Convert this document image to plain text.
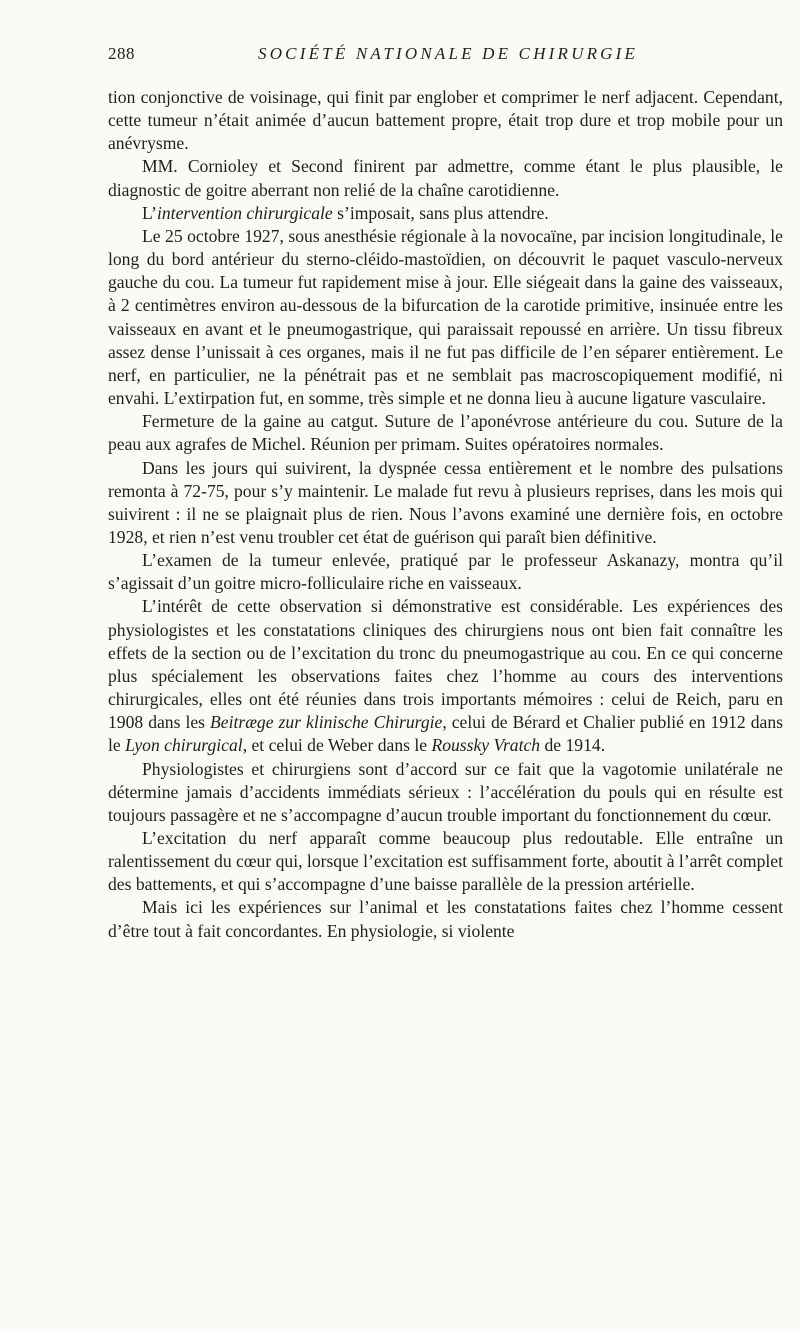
288	SOCIÉTÉ NATIONALE DE CHIRURGIE

tion conjonctive de voisinage, qui finit par englober et comprimer le nerf adjacent. Cependant, cette tumeur n’était animée d’aucun battement propre, était trop dure et trop mobile pour un anévrysme.

MM. Cornioley et Second finirent par admettre, comme étant le plus plausible, le diagnostic de goitre aberrant non relié de la chaîne carotidienne.

L’intervention chirurgicale s’imposait, sans plus attendre.

Le 25 octobre 1927, sous anesthésie régionale à la novocaïne, par incision longitudinale, le long du bord antérieur du sterno-cléido-mastoïdien, on découvrit le paquet vasculo-nerveux gauche du cou. La tumeur fut rapidement mise à jour. Elle siégeait dans la gaine des vaisseaux, à 2 centimètres environ au-dessous de la bifurcation de la carotide primitive, insinuée entre les vaisseaux en avant et le pneumogastrique, qui paraissait repoussé en arrière. Un tissu fibreux assez dense l’unissait à ces organes, mais il ne fut pas difficile de l’en séparer entièrement. Le nerf, en particulier, ne la pénétrait pas et ne semblait pas macroscopiquement modifié, ni envahi. L’extirpation fut, en somme, très simple et ne donna lieu à aucune ligature vasculaire.

Fermeture de la gaine au catgut. Suture de l’aponévrose antérieure du cou. Suture de la peau aux agrafes de Michel. Réunion per primam. Suites opératoires normales.

Dans les jours qui suivirent, la dyspnée cessa entièrement et le nombre des pulsations remonta à 72-75, pour s’y maintenir. Le malade fut revu à plusieurs reprises, dans les mois qui suivirent : il ne se plaignait plus de rien. Nous l’avons examiné une dernière fois, en octobre 1928, et rien n’est venu troubler cet état de guérison qui paraît bien définitive.

L’examen de la tumeur enlevée, pratiqué par le professeur Askanazy, montra qu’il s’agissait d’un goitre micro-folliculaire riche en vaisseaux.

L’intérêt de cette observation si démonstrative est considérable. Les expériences des physiologistes et les constatations cliniques des chirurgiens nous ont bien fait connaître les effets de la section ou de l’excitation du tronc du pneumogastrique au cou. En ce qui concerne plus spécialement les observations faites chez l’homme au cours des interventions chirurgicales, elles ont été réunies dans trois importants mémoires : celui de Reich, paru en 1908 dans les Beitræge zur klinische Chirurgie, celui de Bérard et Chalier publié en 1912 dans le Lyon chirurgical, et celui de Weber dans le Roussky Vratch de 1914.

Physiologistes et chirurgiens sont d’accord sur ce fait que la vagotomie unilatérale ne détermine jamais d’accidents immédiats sérieux : l’accélération du pouls qui en résulte est toujours passagère et ne s’accompagne d’aucun trouble important du fonctionnement du cœur.

L’excitation du nerf apparaît comme beaucoup plus redoutable. Elle entraîne un ralentissement du cœur qui, lorsque l’excitation est suffisamment forte, aboutit à l’arrêt complet des battements, et qui s’accompagne d’une baisse parallèle de la pression artérielle.

Mais ici les expériences sur l’animal et les constatations faites chez l’homme cessent d’être tout à fait concordantes. En physiologie, si violente
